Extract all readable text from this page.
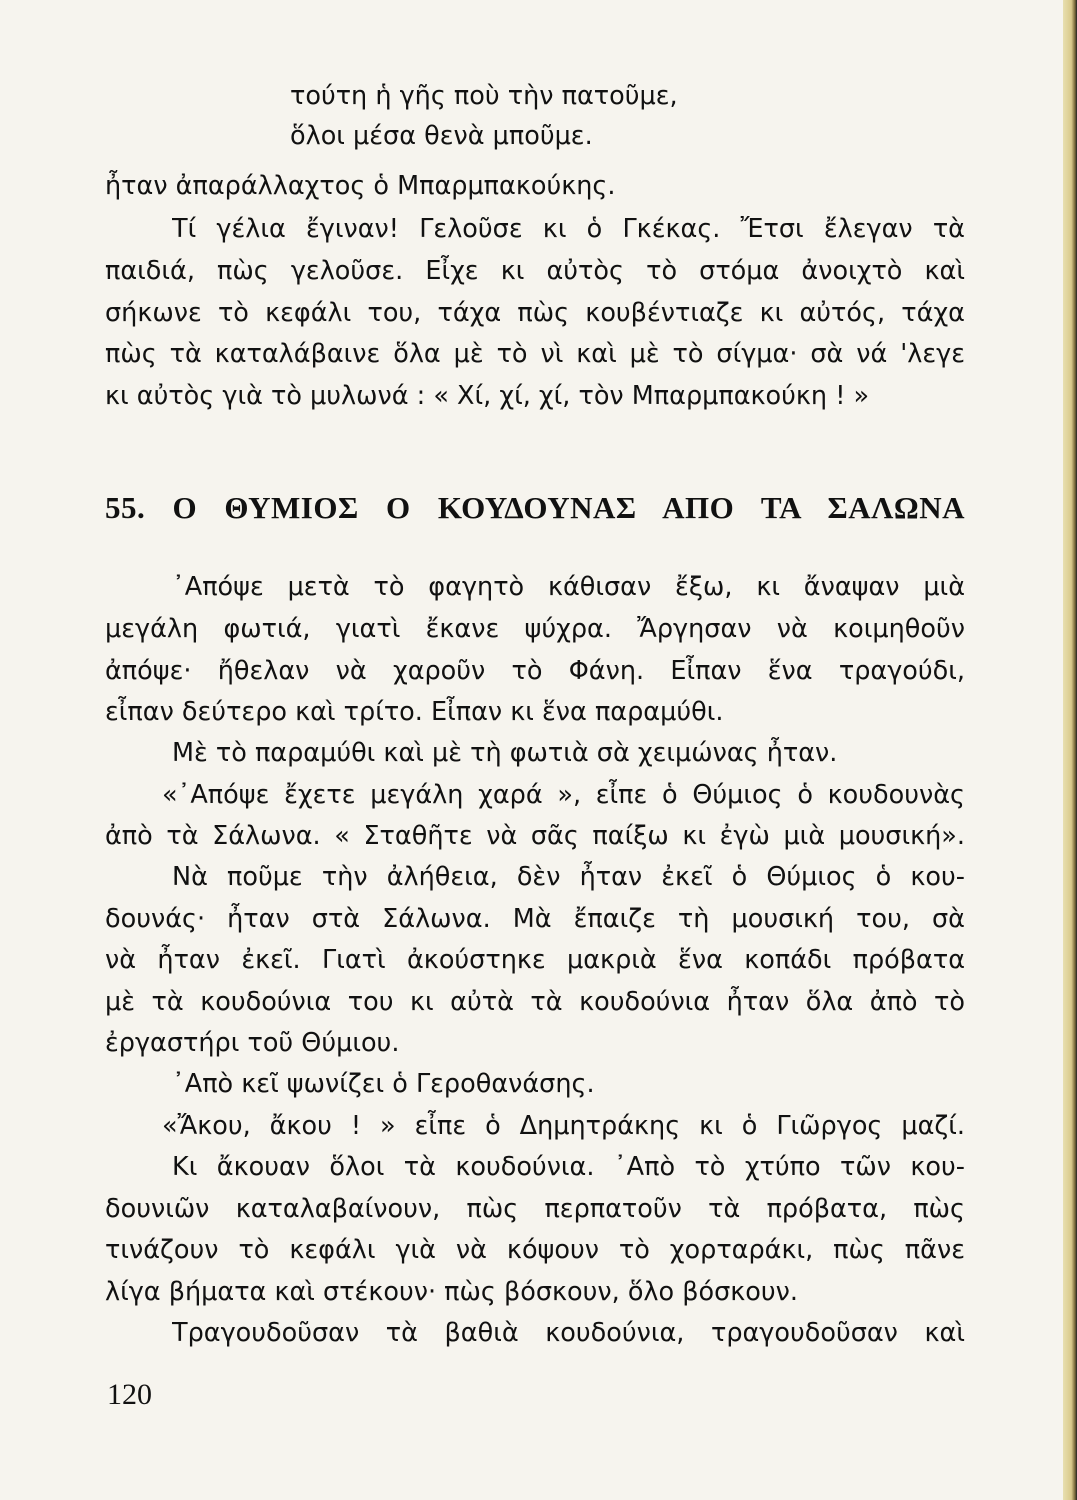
τούτη ἡ γῆς ποὺ τὴν πατοῦμε,
ὅλοι μέσα θενὰ μποῦμε.
ἦταν ἀπαράλλαχτος ὁ Μπαρμπακούκης.
Τί γέλια ἔγιναν! Γελοῦσε κι ὁ Γκέκας. Ἔτσι ἔλεγαν τὰ
παιδιά, πὼς γελοῦσε. Εἶχε κι αὐτὸς τὸ στόμα ἀνοιχτὸ καὶ
σήκωνε τὸ κεφάλι του, τάχα πὼς κουβέντιαζε κι αὐτός, τάχα
πὼς τὰ καταλάβαινε ὅλα μὲ τὸ νὶ καὶ μὲ τὸ σίγμα· σὰ νά 'λεγε
κι αὐτὸς γιὰ τὸ μυλωνά : « Χί, χί, χί, τὸν Μπαρμπακούκη ! »
55. Ο ΘΥΜΙΟΣ Ο ΚΟΥΔΟΥΝΑΣ ΑΠΟ ΤΑ ΣΑΛΩΝΑ
᾽Απόψε μετὰ τὸ φαγητὸ κάθισαν ἔξω, κι ἄναψαν μιὰ
μεγάλη φωτιά, γιατὶ ἔκανε ψύχρα. Ἄργησαν νὰ κοιμηθοῦν
ἀπόψε· ἤθελαν νὰ χαροῦν τὸ Φάνη. Εἶπαν ἕνα τραγούδι,
εἶπαν δεύτερο καὶ τρίτο. Εἶπαν κι ἕνα παραμύθι.
Μὲ τὸ παραμύθι καὶ μὲ τὴ φωτιὰ σὰ χειμώνας ἦταν.
«᾽Απόψε ἔχετε μεγάλη χαρά », εἶπε ὁ Θύμιος ὁ κουδουνὰς
ἀπὸ τὰ Σάλωνα. « Σταθῆτε νὰ σᾶς παίξω κι ἐγὼ μιὰ μουσική».
Νὰ ποῦμε τὴν ἀλήθεια, δὲν ἦταν ἐκεῖ ὁ Θύμιος ὁ κου-
δουνάς· ἦταν στὰ Σάλωνα. Μὰ ἔπαιζε τὴ μουσική του, σὰ
νὰ ἦταν ἐκεῖ. Γιατὶ ἀκούστηκε μακριὰ ἕνα κοπάδι πρόβατα
μὲ τὰ κουδούνια του κι αὐτὰ τὰ κουδούνια ἦταν ὅλα ἀπὸ τὸ
ἐργαστήρι τοῦ Θύμιου.
᾽Απὸ κεῖ ψωνίζει ὁ Γεροθανάσης.
«Ἄκου, ἄκου ! » εἶπε ὁ Δημητράκης κι ὁ Γιῶργος μαζί.
Κι ἄκουαν ὅλοι τὰ κουδούνια. ᾽Απὸ τὸ χτύπο τῶν κου-
δουνιῶν καταλαβαίνουν, πὼς περπατοῦν τὰ πρόβατα, πὼς
τινάζουν τὸ κεφάλι γιὰ νὰ κόψουν τὸ χορταράκι, πὼς πᾶνε
λίγα βήματα καὶ στέκουν· πὼς βόσκουν, ὅλο βόσκουν.
Τραγουδοῦσαν τὰ βαθιὰ κουδούνια, τραγουδοῦσαν καὶ
120
